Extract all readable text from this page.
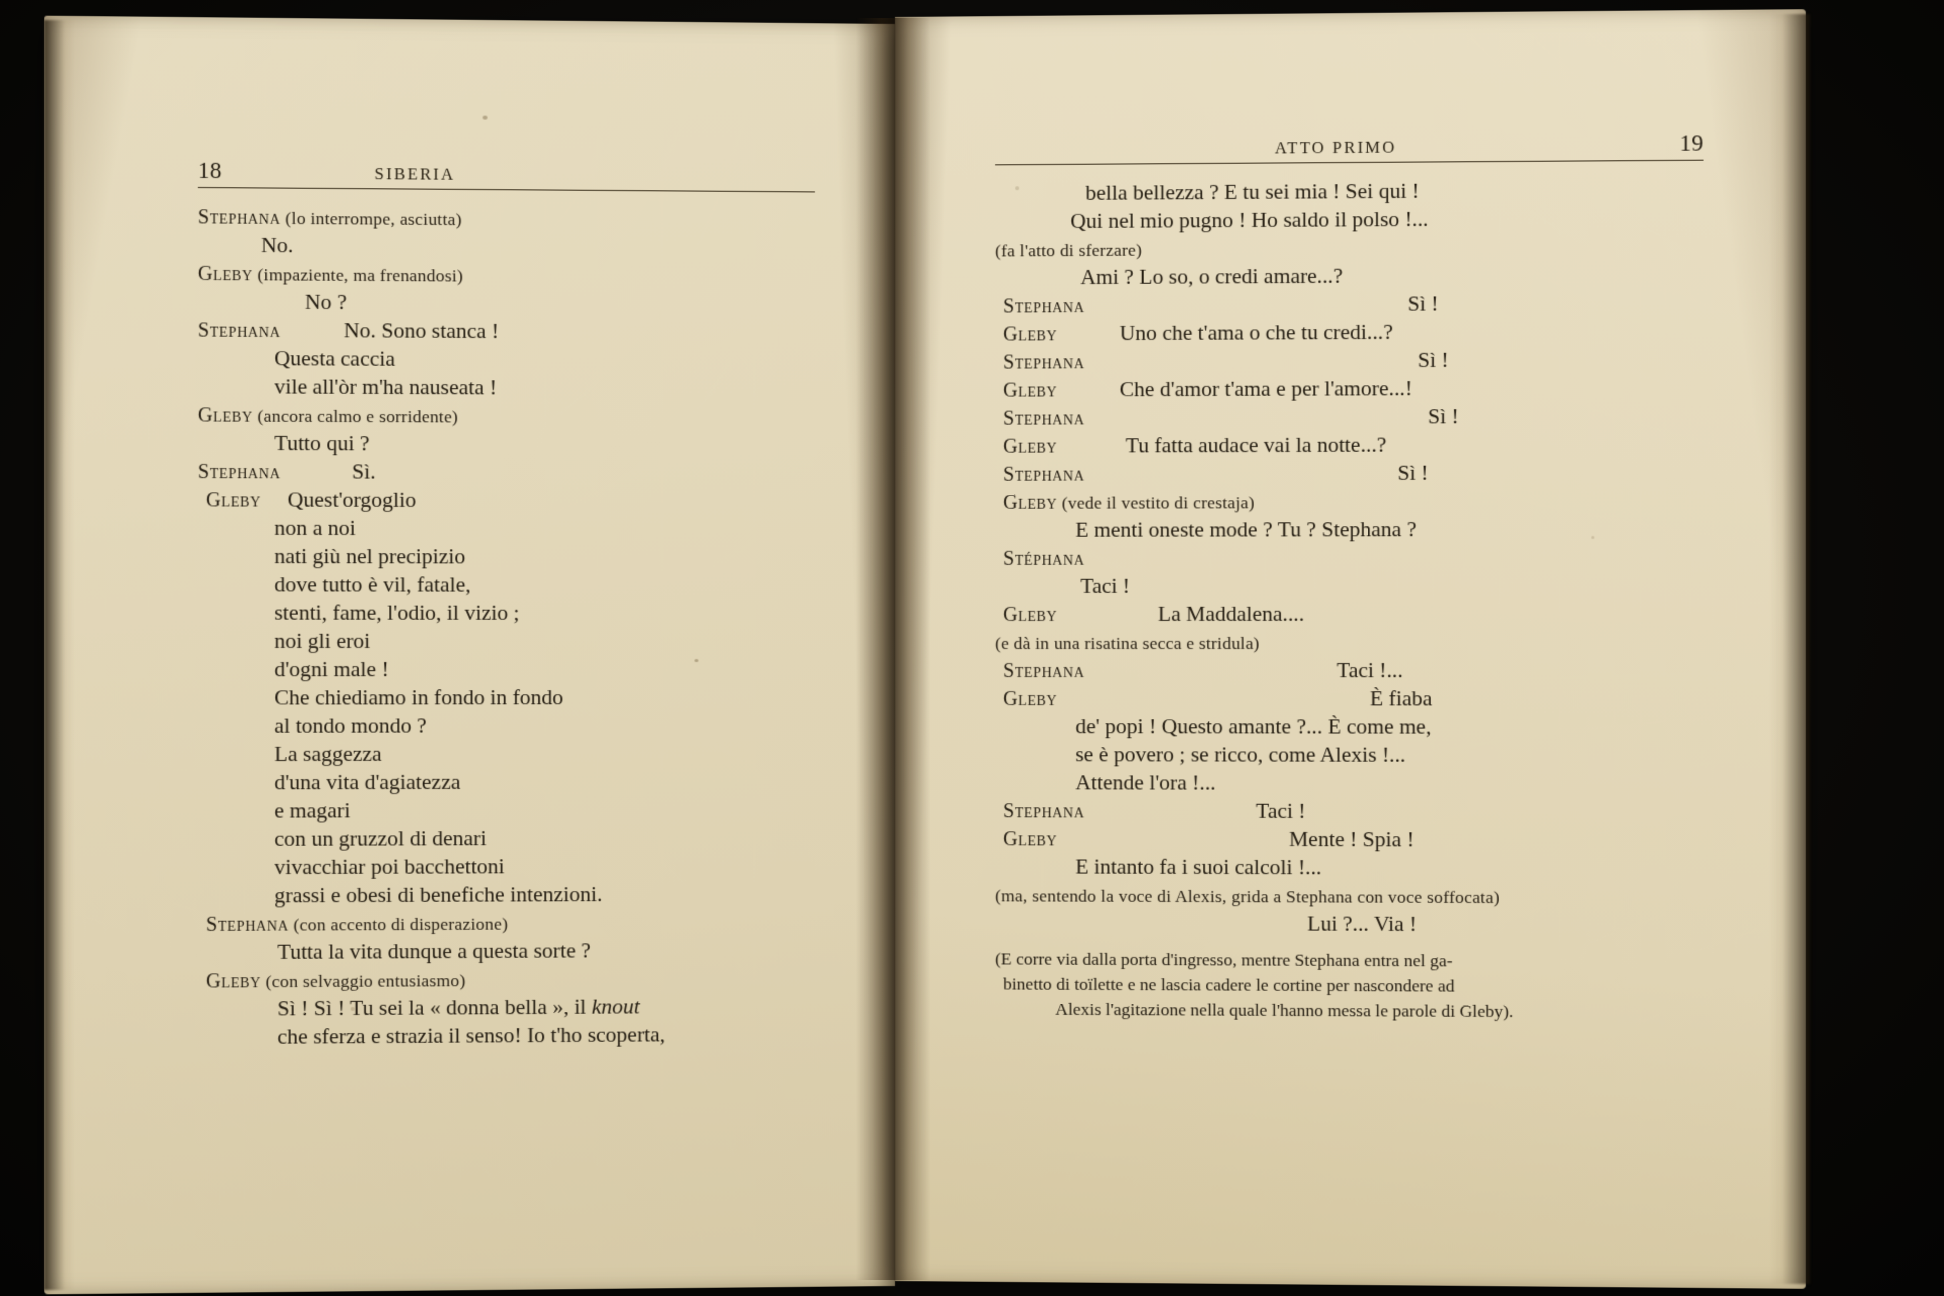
18	SIBERIA
Stephana (lo interrompe, asciutta)
No.
Gleby (impaziente, ma frenandosi)
No ?
Stephana	No. Sono stanca !
Questa caccia
vile all'òr m'ha nauseata !
Gleby (ancora calmo e sorridente)
Tutto qui ?
Stephana	Sì.
Gleby Quest'orgoglio
non a noi
nati giù nel precipizio
dove tutto è vil, fatale,
stenti, fame, l'odio, il vizio ;
noi gli eroi
d'ogni male !
Che chiediamo in fondo in fondo
al tondo mondo ?
La saggezza
d'una vita d'agiatezza
e magari
con un gruzzol di denari
vivacchiar poi bacchettoni
grassi e obesi di benefiche intenzioni.
Stephana (con accento di disperazione)
Tutta la vita dunque a questa sorte ?
Gleby (con selvaggio entusiasmo)
Sì ! Sì ! Tu sei la « donna bella », il knout
che sferza e strazia il senso! Io t'ho scoperta,
ATTO PRIMO	19
bella bellezza ? E tu sei mia ! Sei qui !
Qui nel mio pugno ! Ho saldo il polso !...
(fa l'atto di sferzare)
Ami ? Lo so, o credi amare...?
Stephana	Sì !
Gleby	Uno che t'ama o che tu credi...?
Stephana	Sì !
Gleby	Che d'amor t'ama e per l'amore...!
Stephana	Sì !
Gleby	Tu fatta audace vai la notte...?
Stephana	Sì !
Gleby (vede il vestito di crestaja)
E menti oneste mode ? Tu ? Stephana ?
Stéphana
Taci !
Gleby	La Maddalena....
(e dà in una risatina secca e stridula)
Stephana	Taci !...
Gleby	È fiaba
de' popi ! Questo amante ?... È come me,
se è povero ; se ricco, come Alexis !...
Attende l'ora !...
Stephana	Taci !
Gleby	Mente ! Spia !
E intanto fa i suoi calcoli !...
(ma, sentendo la voce di Alexis, grida a Stephana con voce soffocata)
Lui ?... Via !
(E corre via dalla porta d'ingresso, mentre Stephana entra nel ga-
binetto di toïlette e ne lascia cadere le cortine per nascondere ad
Alexis l'agitazione nella quale l'hanno messa le parole di Gleby).
